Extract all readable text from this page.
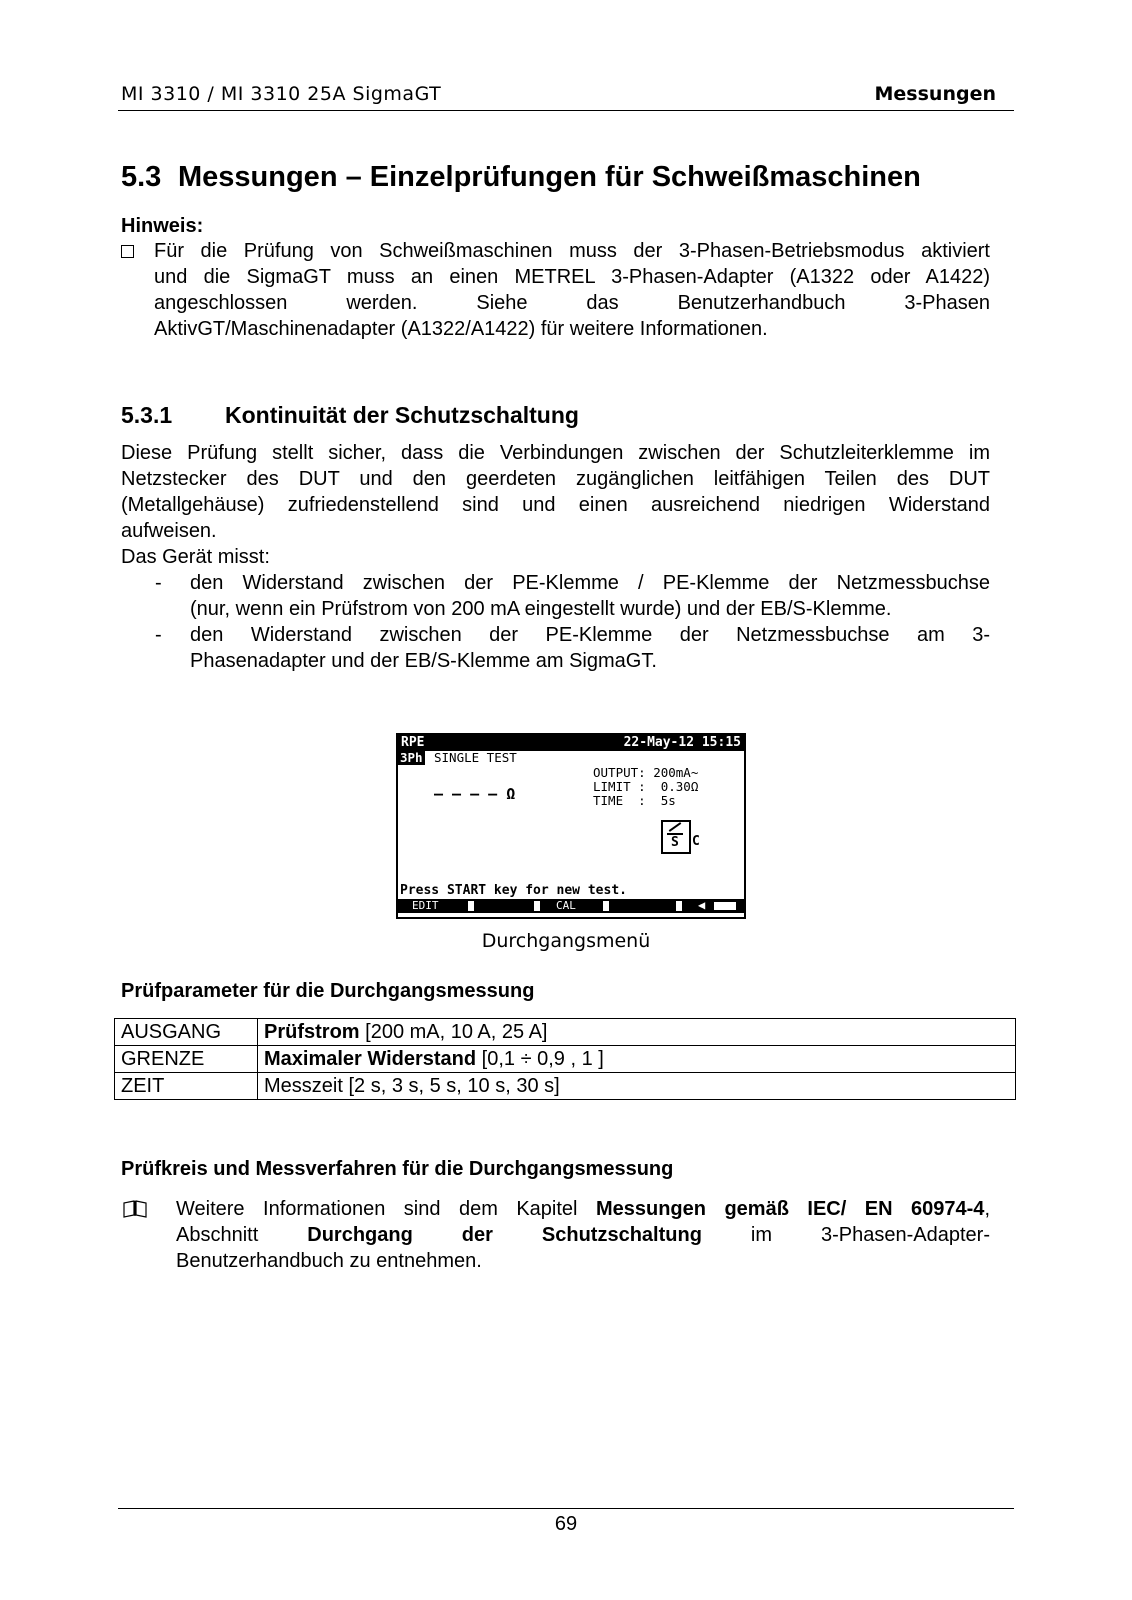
MI 3310 / MI 3310 25A SigmaGT	Messungen
5.3 Messungen – Einzelprüfungen für Schweißmaschinen
Hinweis:
Für die Prüfung von Schweißmaschinen muss der 3-Phasen-Betriebsmodus aktiviert
und die SigmaGT muss an einen METREL 3-Phasen-Adapter (A1322 oder A1422)
angeschlossen werden. Siehe das Benutzerhandbuch 3-Phasen
AktivGT/Maschinenadapter (A1322/A1422) für weitere Informationen.
5.3.1 Kontinuität der Schutzschaltung
Diese Prüfung stellt sicher, dass die Verbindungen zwischen der Schutzleiterklemme im
Netzstecker des DUT und den geerdeten zugänglichen leitfähigen Teilen des DUT
(Metallgehäuse) zufriedenstellend sind und einen ausreichend niedrigen Widerstand
aufweisen.
Das Gerät misst:
- den Widerstand zwischen der PE-Klemme / PE-Klemme der Netzmessbuchse
(nur, wenn ein Prüfstrom von 200 mA eingestellt wurde) und der EB/S-Klemme.
- den Widerstand zwischen der PE-Klemme der Netzmessbuchse am 3-
Phasenadapter und der EB/S-Klemme am SigmaGT.
RPE	22-May-12 15:15
3Ph SINGLE TEST
OUTPUT: 200mA~
LIMIT :  0.30Ω
TIME  :  5s
— — — — Ω
S C
Press START key for new test.
EDIT	CAL	◀
Durchgangsmenü
Prüfparameter für die Durchgangsmessung
AUSGANG	Prüfstrom [200 mA, 10 A, 25 A]
GRENZE	Maximaler Widerstand [0,1 ÷ 0,9 , 1 ]
ZEIT	Messzeit [2 s, 3 s, 5 s, 10 s, 30 s]
Prüfkreis und Messverfahren für die Durchgangsmessung
Weitere Informationen sind dem Kapitel Messungen gemäß IEC/ EN 60974-4,
Abschnitt Durchgang der Schutzschaltung im 3-Phasen-Adapter-
Benutzerhandbuch zu entnehmen.
69
